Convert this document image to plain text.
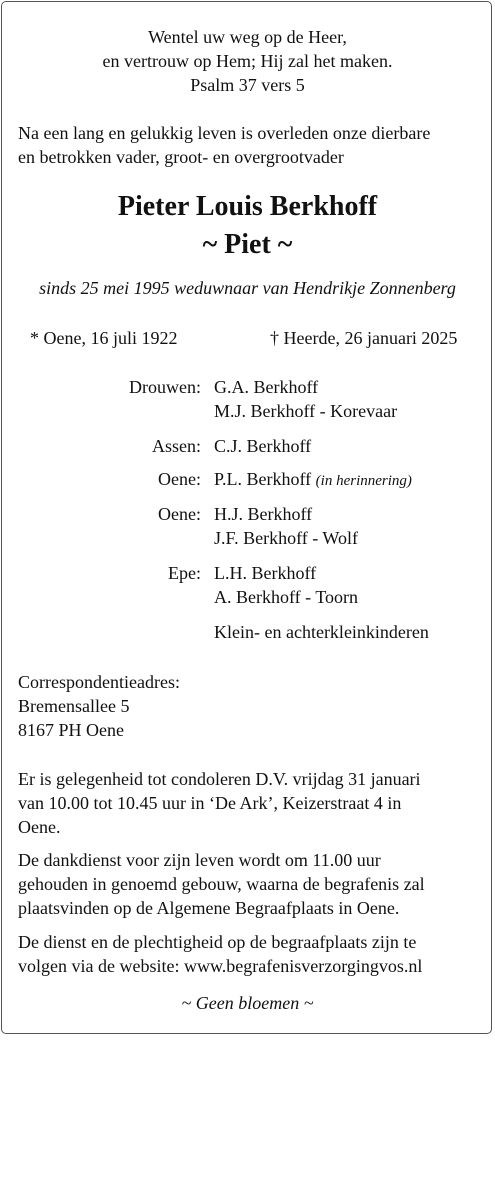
Wentel uw weg op de Heer,
en vertrouw op Hem; Hij zal het maken.
Psalm 37 vers 5
Na een lang en gelukkig leven is overleden onze dierbare
en betrokken vader, groot- en overgrootvader
Pieter Louis Berkhoff
~ Piet ~
sinds 25 mei 1995 weduwnaar van Hendrikje Zonnenberg
* Oene, 16 juli 1922	† Heerde, 26 januari 2025
Drouwen: G.A. Berkhoff
M.J. Berkhoff - Korevaar
Assen: C.J. Berkhoff
Oene: P.L. Berkhoff (in herinnering)
Oene: H.J. Berkhoff
J.F. Berkhoff - Wolf
Epe: L.H. Berkhoff
A. Berkhoff - Toorn
Klein- en achterkleinkinderen
Correspondentieadres:
Bremensallee 5
8167 PH Oene
Er is gelegenheid tot condoleren D.V. vrijdag 31 januari
van 10.00 tot 10.45 uur in ‘De Ark’, Keizerstraat 4 in
Oene.
De dankdienst voor zijn leven wordt om 11.00 uur
gehouden in genoemd gebouw, waarna de begrafenis zal
plaatsvinden op de Algemene Begraafplaats in Oene.
De dienst en de plechtigheid op de begraafplaats zijn te
volgen via de website: www.begrafenisverzorgingvos.nl
~ Geen bloemen ~
